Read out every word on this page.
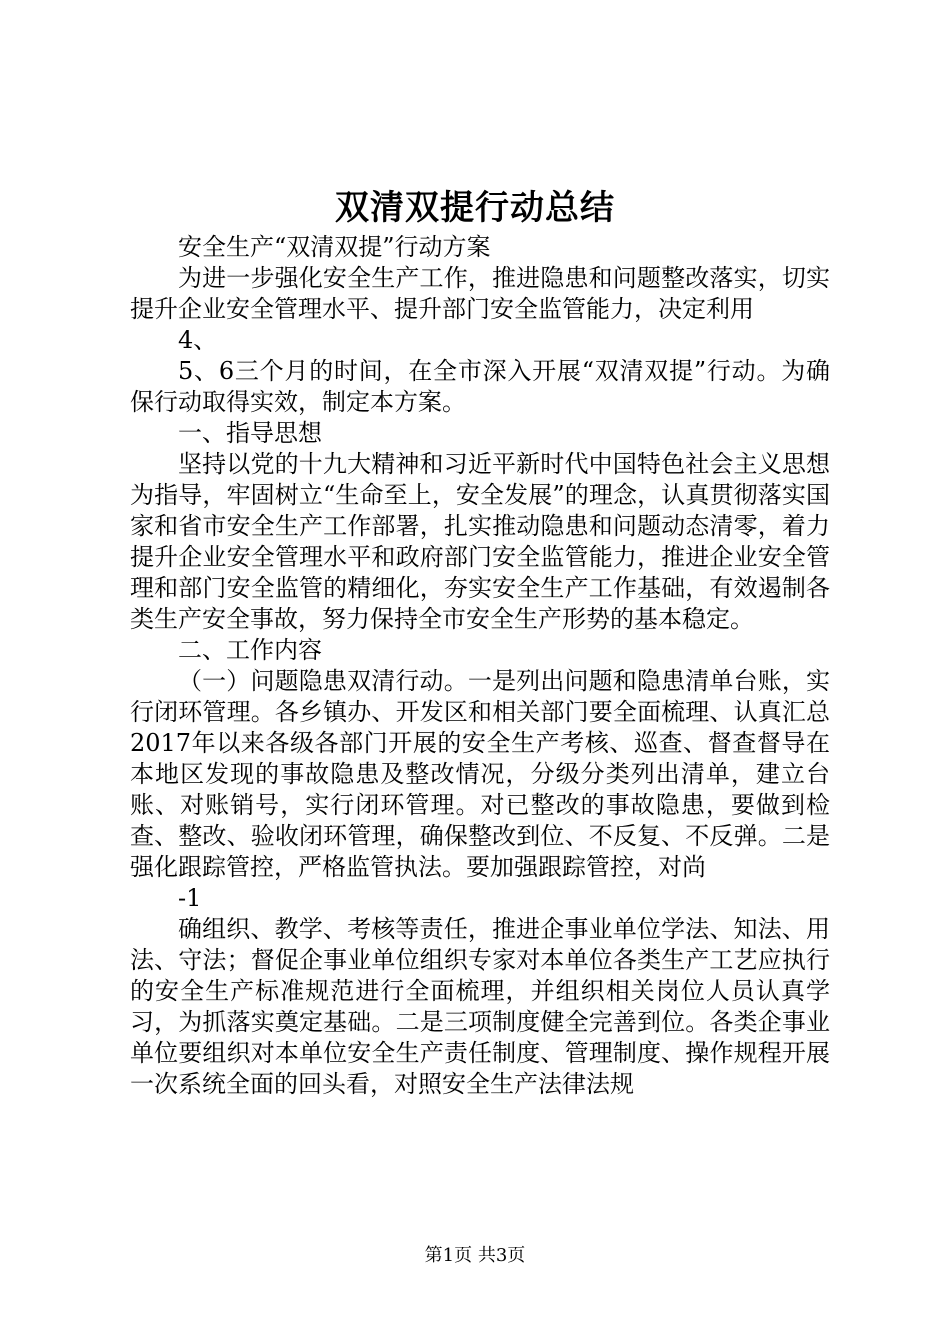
双清双提行动总结

安全生产“双清双提”行动方案

为进一步强化安全生产工作，推进隐患和问题整改落实，切实提升企业安全管理水平、提升部门安全监管能力，决定利用

4、

5、6三个月的时间，在全市深入开展“双清双提”行动。为确保行动取得实效，制定本方案。

一、指导思想

坚持以党的十九大精神和习近平新时代中国特色社会主义思想为指导，牢固树立“生命至上，安全发展”的理念，认真贯彻落实国家和省市安全生产工作部署，扎实推动隐患和问题动态清零，着力提升企业安全管理水平和政府部门安全监管能力，推进企业安全管理和部门安全监管的精细化，夯实安全生产工作基础，有效遏制各类生产安全事故，努力保持全市安全生产形势的基本稳定。

二、工作内容

（一）问题隐患双清行动。一是列出问题和隐患清单台账，实行闭环管理。各乡镇办、开发区和相关部门要全面梳理、认真汇总2017年以来各级各部门开展的安全生产考核、巡查、督查督导在本地区发现的事故隐患及整改情况，分级分类列出清单，建立台账、对账销号，实行闭环管理。对已整改的事故隐患，要做到检查、整改、验收闭环管理，确保整改到位、不反复、不反弹。二是强化跟踪管控，严格监管执法。要加强跟踪管控，对尚

-1

确组织、教学、考核等责任，推进企事业单位学法、知法、用法、守法；督促企事业单位组织专家对本单位各类生产工艺应执行的安全生产标准规范进行全面梳理，并组织相关岗位人员认真学习，为抓落实奠定基础。二是三项制度健全完善到位。各类企事业单位要组织对本单位安全生产责任制度、管理制度、操作规程开展一次系统全面的回头看，对照安全生产法律法规

第1页 共3页
